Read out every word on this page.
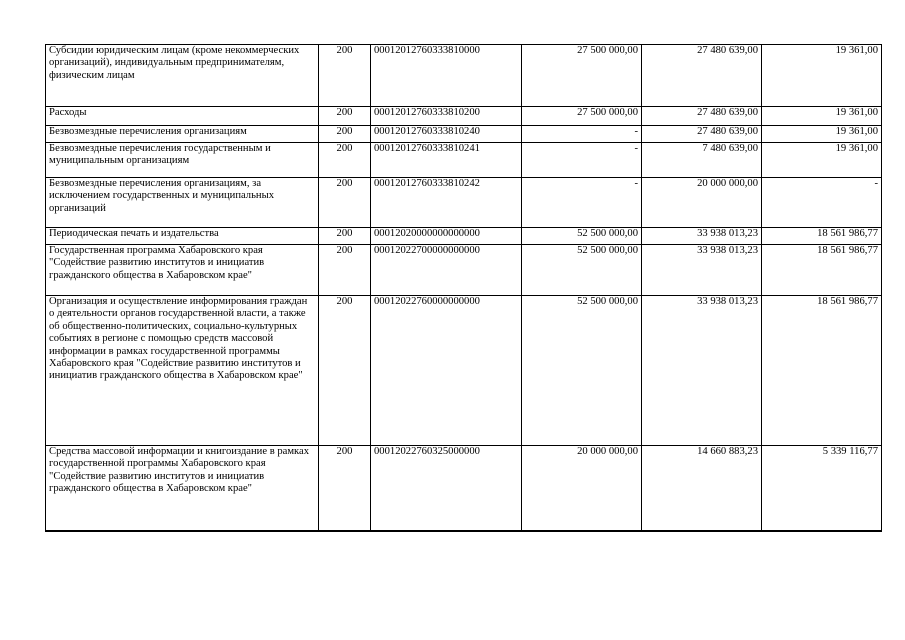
Субсидии юридическим лицам (кроме некоммерческих организаций), индивидуальным предпринимателям, физическим лицам	200	00012012760333810000	27 500 000,00	27 480 639,00	19 361,00
Расходы	200	00012012760333810200	27 500 000,00	27 480 639,00	19 361,00
Безвозмездные перечисления организациям	200	00012012760333810240	-	27 480 639,00	19 361,00
Безвозмездные перечисления государственным и муниципальным организациям	200	00012012760333810241	-	7 480 639,00	19 361,00
Безвозмездные перечисления организациям, за исключением государственных и муниципальных организаций	200	00012012760333810242	-	20 000 000,00	-
Периодическая печать и издательства	200	00012020000000000000	52 500 000,00	33 938 013,23	18 561 986,77
Государственная программа Хабаровского края "Содействие развитию институтов и инициатив гражданского общества в Хабаровском крае"	200	00012022700000000000	52 500 000,00	33 938 013,23	18 561 986,77
Организация и осуществление информирования граждан о деятельности органов государственной власти, а также об общественно-политических, социально-культурных событиях в регионе с помощью средств массовой информации в рамках государственной программы Хабаровского края "Содействие развитию институтов и инициатив гражданского общества в Хабаровском крае"	200	00012022760000000000	52 500 000,00	33 938 013,23	18 561 986,77
Средства массовой информации и книгоиздание в рамках государственной программы Хабаровского края "Содействие развитию институтов и инициатив гражданского общества в Хабаровском крае"	200	00012022760325000000	20 000 000,00	14 660 883,23	5 339 116,77
